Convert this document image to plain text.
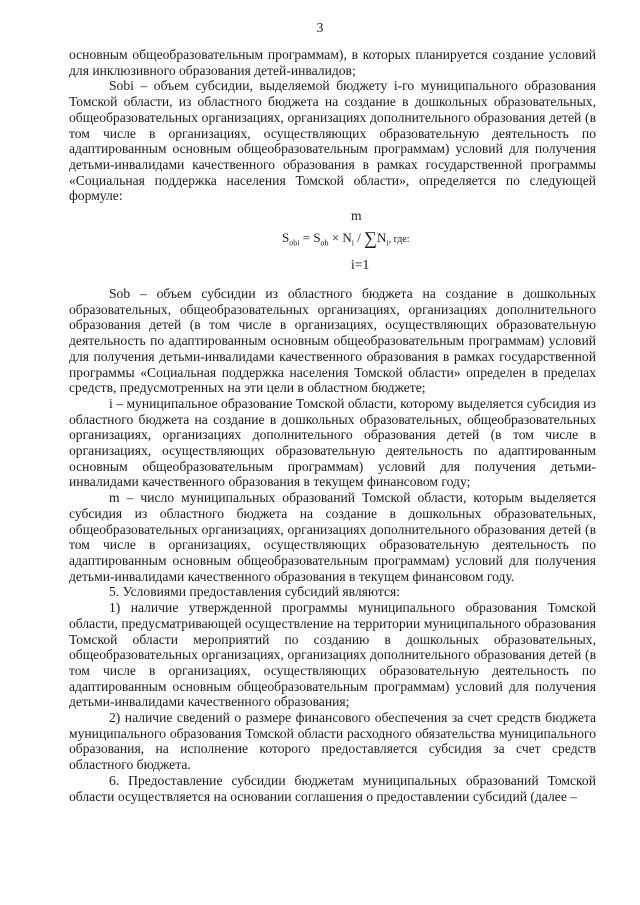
3

основным общеобразовательным программам), в которых планируется создание условий для инклюзивного образования детей-инвалидов;

Sobi – объем субсидии, выделяемой бюджету i-го муниципального образования Томской области, из областного бюджета на создание в дошкольных образовательных, общеобразовательных организациях, организациях дополнительного образования детей (в том числе в организациях, осуществляющих образовательную деятельность по адаптированным основным общеобразовательным программам) условий для получения детьми-инвалидами качественного образования в рамках государственной программы «Социальная поддержка населения Томской области», определяется по следующей формуле:

m
$S_{obi} = S_{ob} \times N_i / \sum N_i$, где:
i=1

Sob – объем субсидии из областного бюджета на создание в дошкольных образовательных, общеобразовательных организациях, организациях дополнительного образования детей (в том числе в организациях, осуществляющих образовательную деятельность по адаптированным основным общеобразовательным программам) условий для получения детьми-инвалидами качественного образования в рамках государственной программы «Социальная поддержка населения Томской области» определен в пределах средств, предусмотренных на эти цели в областном бюджете;

i – муниципальное образование Томской области, которому выделяется субсидия из областного бюджета на создание в дошкольных образовательных, общеобразовательных организациях, организациях дополнительного образования детей (в том числе в организациях, осуществляющих образовательную деятельность по адаптированным основным общеобразовательным программам) условий для получения детьми-инвалидами качественного образования в текущем финансовом году;

m – число муниципальных образований Томской области, которым выделяется субсидия из областного бюджета на создание в дошкольных образовательных, общеобразовательных организациях, организациях дополнительного образования детей (в том числе в организациях, осуществляющих образовательную деятельность по адаптированным основным общеобразовательным программам) условий для получения детьми-инвалидами качественного образования в текущем финансовом году.

5. Условиями предоставления субсидий являются:

1) наличие утвержденной программы муниципального образования Томской области, предусматривающей осуществление на территории муниципального образования Томской области мероприятий по созданию в дошкольных образовательных, общеобразовательных организациях, организациях дополнительного образования детей (в том числе в организациях, осуществляющих образовательную деятельность по адаптированным основным общеобразовательным программам) условий для получения детьми-инвалидами качественного образования;

2) наличие сведений о размере финансового обеспечения за счет средств бюджета муниципального образования Томской области расходного обязательства муниципального образования, на исполнение которого предоставляется субсидия за счет средств областного бюджета.

6. Предоставление субсидии бюджетам муниципальных образований Томской области осуществляется на основании соглашения о предоставлении субсидий (далее –
